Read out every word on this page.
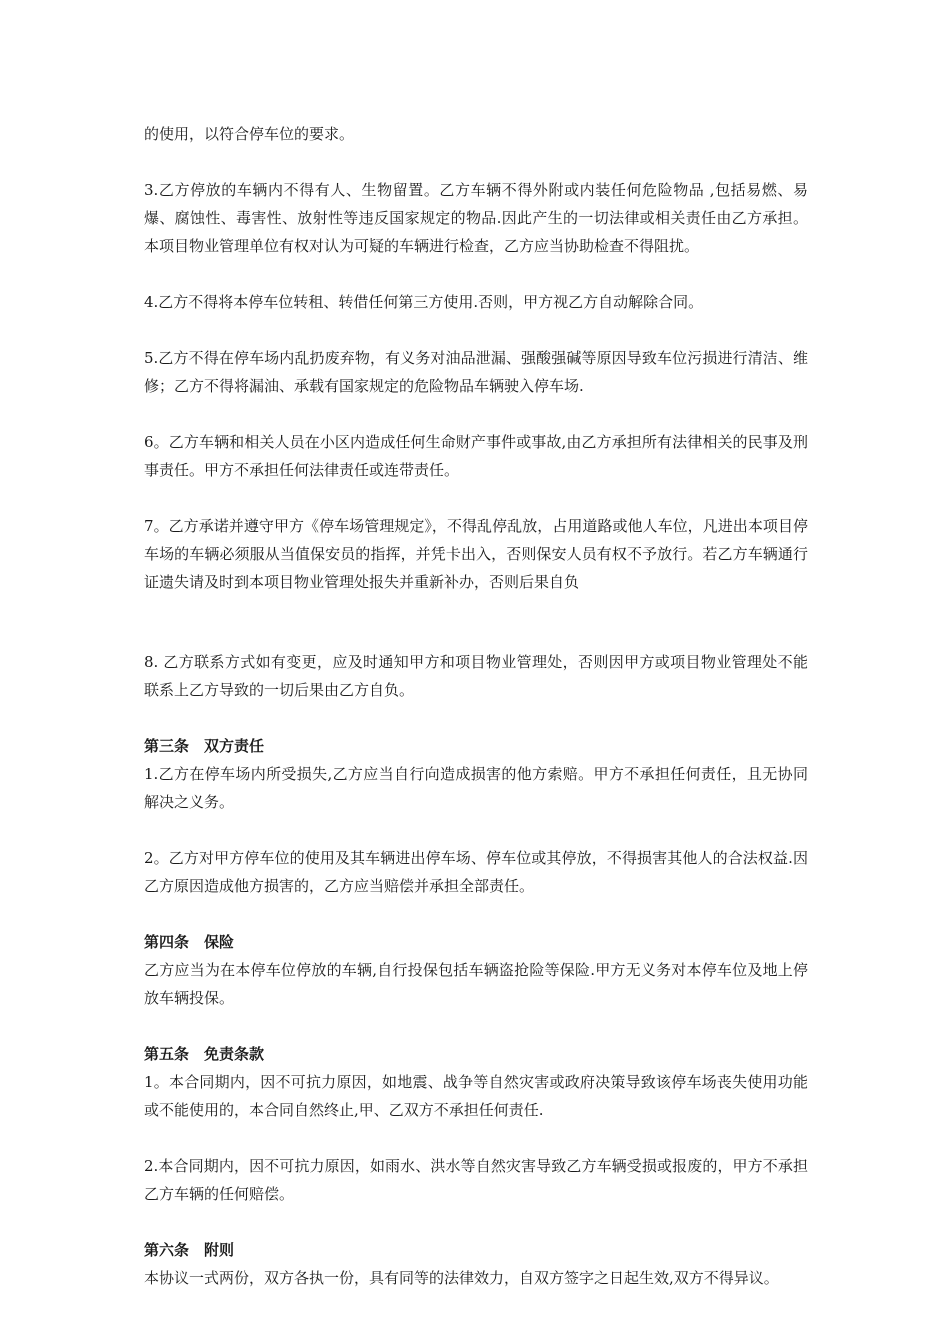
的使用，以符合停车位的要求。

3.乙方停放的车辆内不得有人、生物留置。乙方车辆不得外附或内装任何危险物品 ,包括易燃、易爆、腐蚀性、毒害性、放射性等违反国家规定的物品.因此产生的一切法律或相关责任由乙方承担。本项目物业管理单位有权对认为可疑的车辆进行检查，乙方应当协助检查不得阻扰。

4.乙方不得将本停车位转租、转借任何第三方使用.否则，甲方视乙方自动解除合同。

5.乙方不得在停车场内乱扔废弃物，有义务对油品泄漏、强酸强碱等原因导致车位污损进行清洁、维修；乙方不得将漏油、承载有国家规定的危险物品车辆驶入停车场.

6。乙方车辆和相关人员在小区内造成任何生命财产事件或事故,由乙方承担所有法律相关的民事及刑事责任。甲方不承担任何法律责任或连带责任。

7。乙方承诺并遵守甲方《停车场管理规定》，不得乱停乱放，占用道路或他人车位，凡进出本项目停车场的车辆必须服从当值保安员的指挥，并凭卡出入，否则保安人员有权不予放行。若乙方车辆通行证遗失请及时到本项目物业管理处报失并重新补办，否则后果自负

8. 乙方联系方式如有变更，应及时通知甲方和项目物业管理处，否则因甲方或项目物业管理处不能联系上乙方导致的一切后果由乙方自负。

第三条　双方责任

1.乙方在停车场内所受损失,乙方应当自行向造成损害的他方索赔。甲方不承担任何责任，且无协同解决之义务。

2。乙方对甲方停车位的使用及其车辆进出停车场、停车位或其停放，不得损害其他人的合法权益.因乙方原因造成他方损害的，乙方应当赔偿并承担全部责任。

第四条　保险

乙方应当为在本停车位停放的车辆,自行投保包括车辆盗抢险等保险.甲方无义务对本停车位及地上停放车辆投保。

第五条　免责条款

1。本合同期内，因不可抗力原因，如地震、战争等自然灾害或政府决策导致该停车场丧失使用功能或不能使用的，本合同自然终止,甲、乙双方不承担任何责任.

2.本合同期内，因不可抗力原因，如雨水、洪水等自然灾害导致乙方车辆受损或报废的，甲方不承担乙方车辆的任何赔偿。

第六条　附则

本协议一式两份，双方各执一份，具有同等的法律效力，自双方签字之日起生效,双方不得异议。
